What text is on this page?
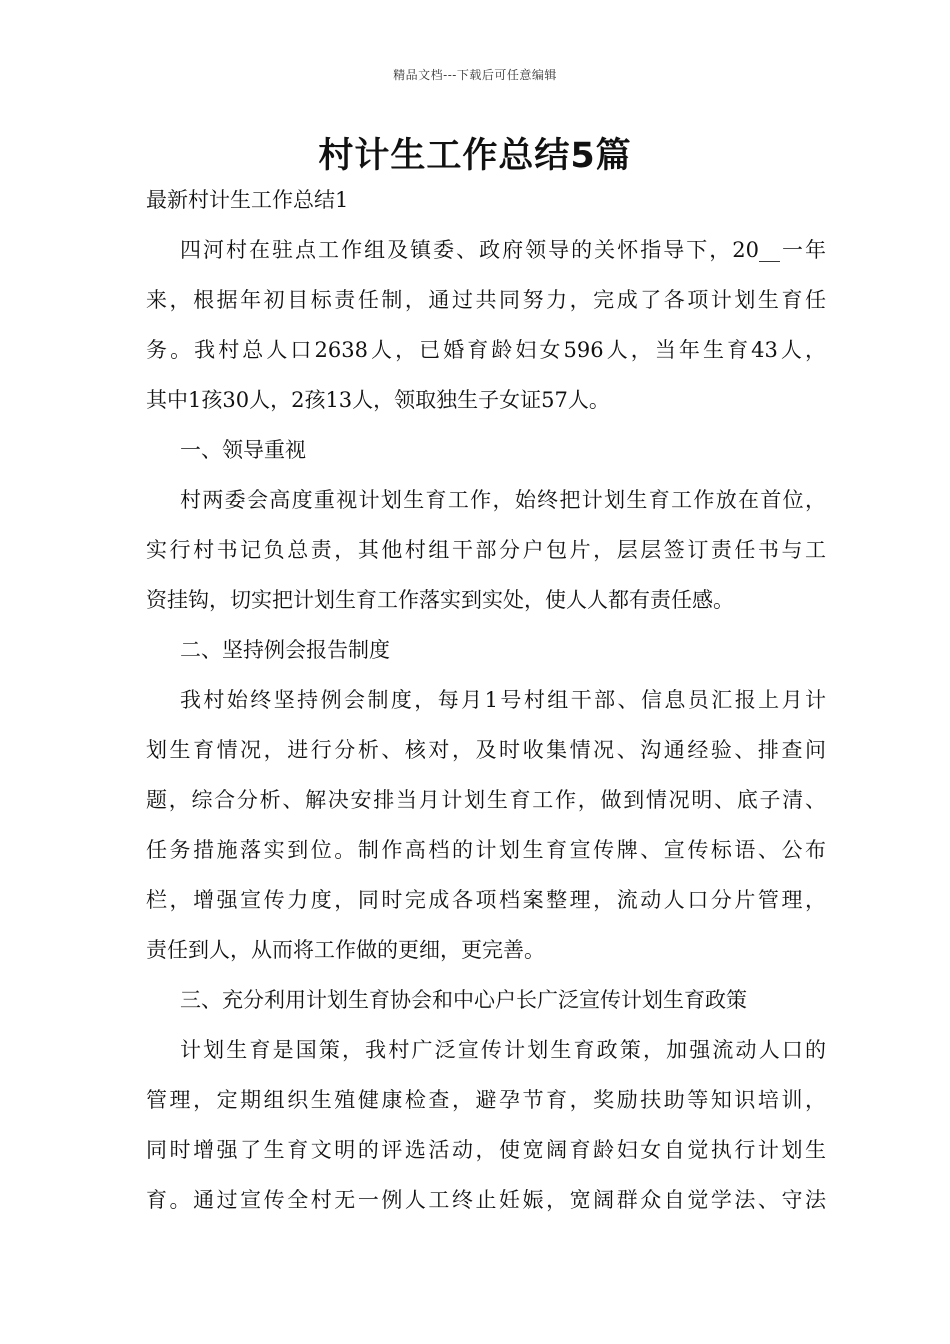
精品文档---下载后可任意编辑
村计生工作总结5篇
最新村计生工作总结1
四河村在驻点工作组及镇委、政府领导的关怀指导下，20__一年
来，根据年初目标责任制，通过共同努力，完成了各项计划生育任
务。我村总人口2638人，已婚育龄妇女596人，当年生育43人，
其中1孩30人，2孩13人，领取独生子女证57人。
一、领导重视
村两委会高度重视计划生育工作，始终把计划生育工作放在首位，
实行村书记负总责，其他村组干部分户包片，层层签订责任书与工
资挂钩，切实把计划生育工作落实到实处，使人人都有责任感。
二、坚持例会报告制度
我村始终坚持例会制度，每月1号村组干部、信息员汇报上月计
划生育情况，进行分析、核对，及时收集情况、沟通经验、排查问
题，综合分析、解决安排当月计划生育工作，做到情况明、底子清、
任务措施落实到位。制作高档的计划生育宣传牌、宣传标语、公布
栏，增强宣传力度，同时完成各项档案整理，流动人口分片管理，
责任到人，从而将工作做的更细，更完善。
三、充分利用计划生育协会和中心户长广泛宣传计划生育政策
计划生育是国策，我村广泛宣传计划生育政策，加强流动人口的
管理，定期组织生殖健康检查，避孕节育，奖励扶助等知识培训，
同时增强了生育文明的评选活动，使宽阔育龄妇女自觉执行计划生
育。通过宣传全村无一例人工终止妊娠，宽阔群众自觉学法、守法
